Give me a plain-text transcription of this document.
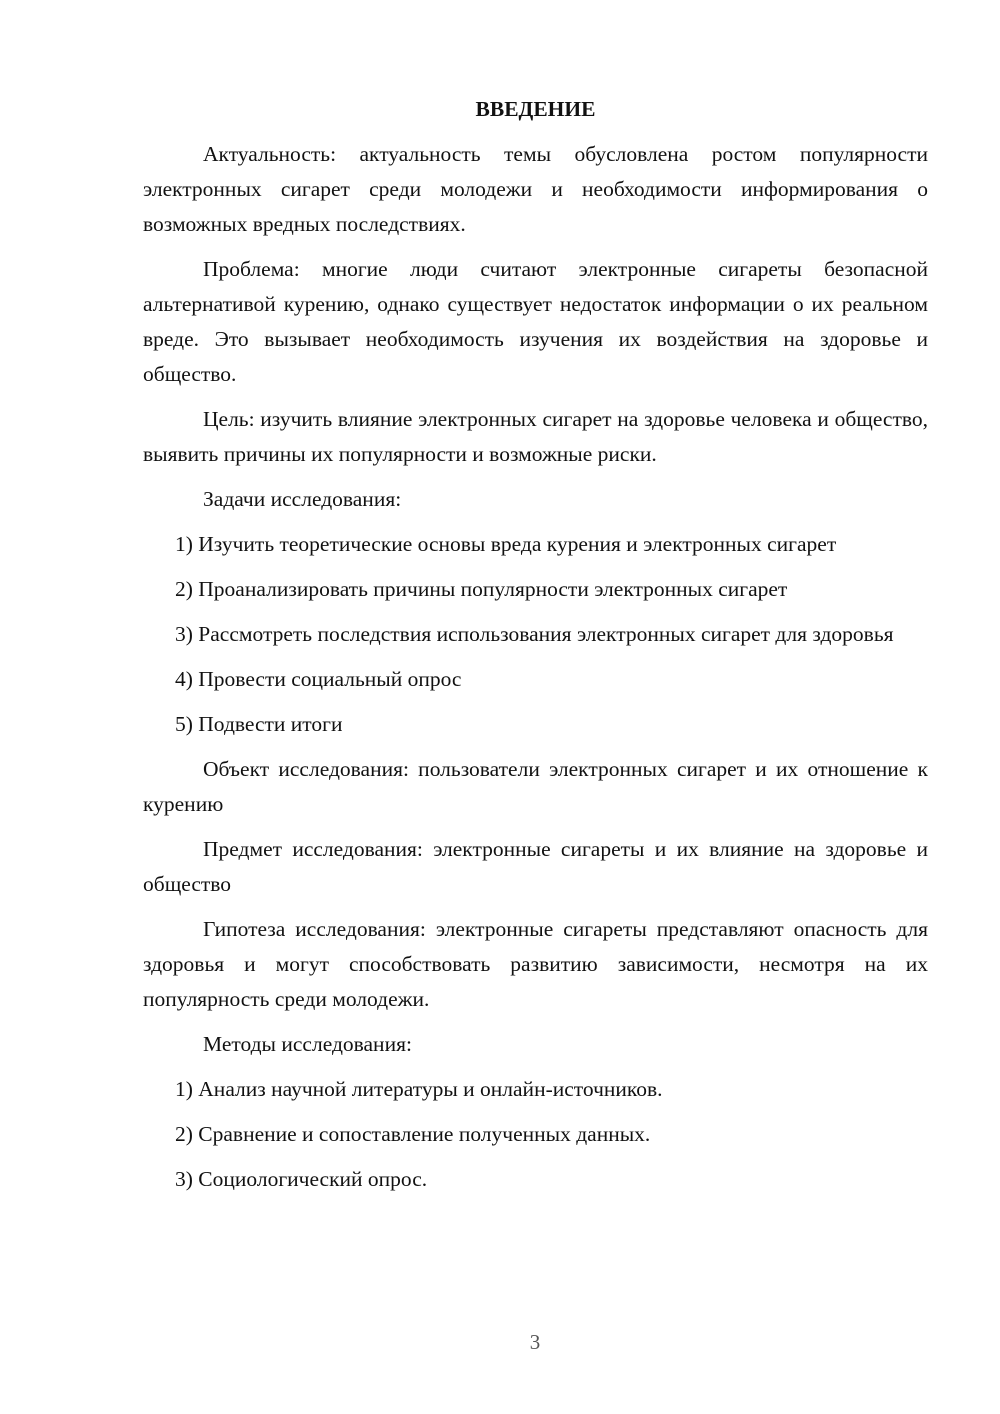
ВВЕДЕНИЕ

Актуальность: актуальность темы обусловлена ростом популярности электронных сигарет среди молодежи и необходимости информирования о возможных вредных последствиях.

Проблема: многие люди считают электронные сигареты безопасной альтернативой курению, однако существует недостаток информации о их реальном вреде. Это вызывает необходимость изучения их воздействия на здоровье и общество.

Цель: изучить влияние электронных сигарет на здоровье человека и общество, выявить причины их популярности и возможные риски.

Задачи исследования:

1) Изучить теоретические основы вреда курения и электронных сигарет

2) Проанализировать причины популярности электронных сигарет

3) Рассмотреть последствия использования электронных сигарет для здоровья

4) Провести социальный опрос

5) Подвести итоги

Объект исследования: пользователи электронных сигарет и их отношение к курению

Предмет исследования: электронные сигареты и их влияние на здоровье и общество

Гипотеза исследования: электронные сигареты представляют опасность для здоровья и могут способствовать развитию зависимости, несмотря на их популярность среди молодежи.

Методы исследования:

1) Анализ научной литературы и онлайн-источников.

2) Сравнение и сопоставление полученных данных.

3) Социологический опрос.

3
